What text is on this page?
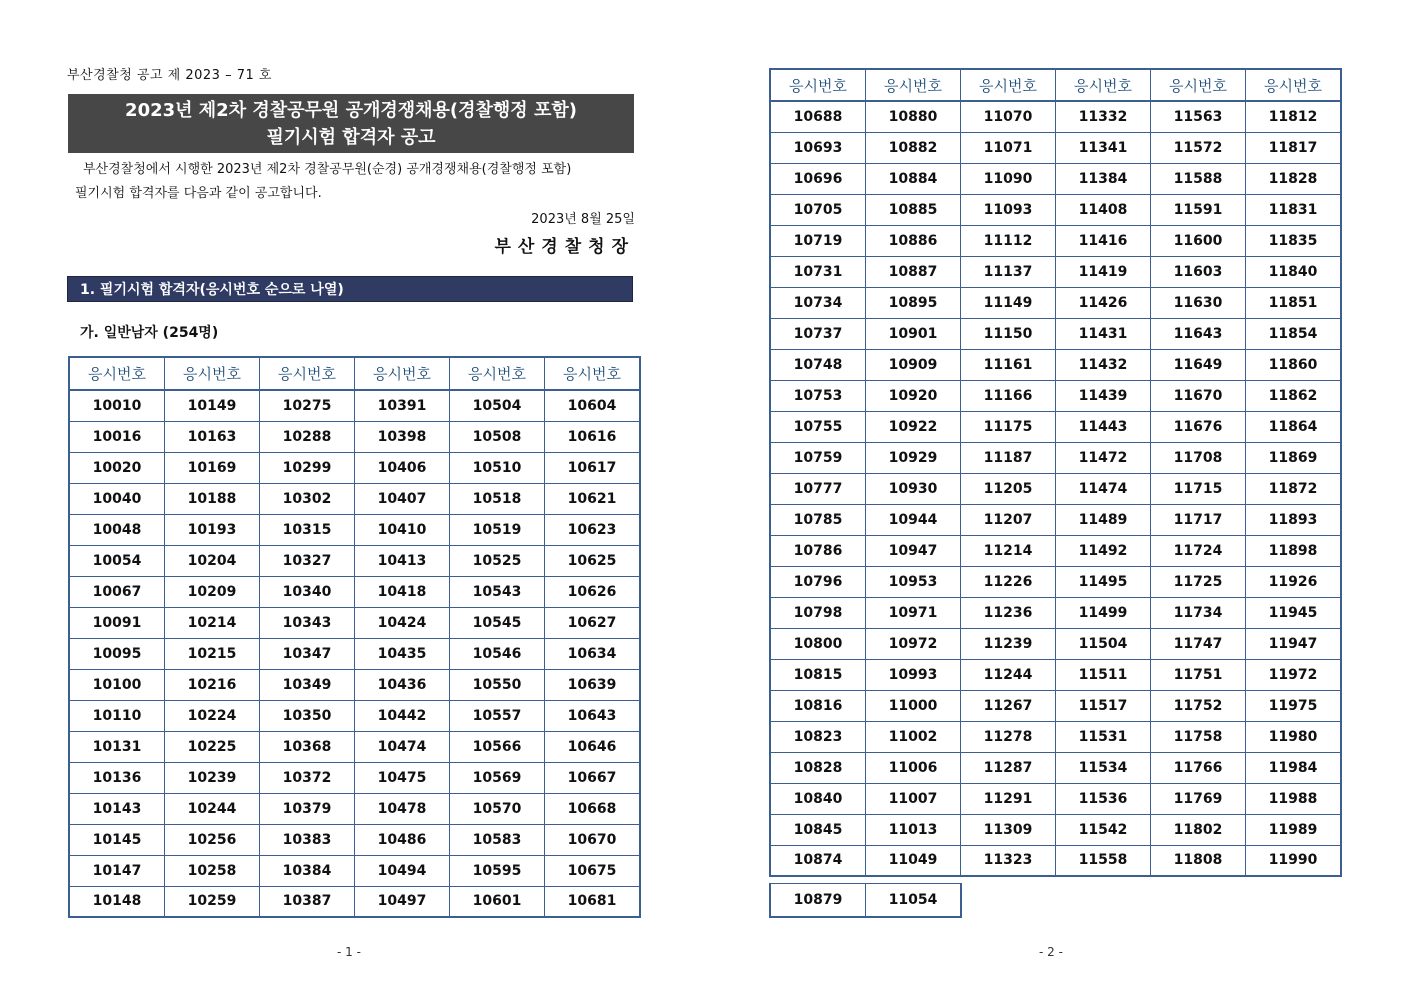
부산경찰청 공고 제 2023 – 71 호
2023년 제2차 경찰공무원 공개경쟁채용(경찰행정 포함)
필기시험 합격자 공고
부산경찰청에서 시행한 2023년 제2차 경찰공무원(순경) 공개경쟁채용(경찰행정 포함)
필기시험 합격자를 다음과 같이 공고합니다.
2023년 8월 25일
부산경찰청장
1. 필기시험 합격자(응시번호 순으로 나열)
가. 일반남자 (254명)
응시번호	응시번호	응시번호	응시번호	응시번호	응시번호
10010	10149	10275	10391	10504	10604
10016	10163	10288	10398	10508	10616
10020	10169	10299	10406	10510	10617
10040	10188	10302	10407	10518	10621
10048	10193	10315	10410	10519	10623
10054	10204	10327	10413	10525	10625
10067	10209	10340	10418	10543	10626
10091	10214	10343	10424	10545	10627
10095	10215	10347	10435	10546	10634
10100	10216	10349	10436	10550	10639
10110	10224	10350	10442	10557	10643
10131	10225	10368	10474	10566	10646
10136	10239	10372	10475	10569	10667
10143	10244	10379	10478	10570	10668
10145	10256	10383	10486	10583	10670
10147	10258	10384	10494	10595	10675
10148	10259	10387	10497	10601	10681
응시번호	응시번호	응시번호	응시번호	응시번호	응시번호
10688	10880	11070	11332	11563	11812
10693	10882	11071	11341	11572	11817
10696	10884	11090	11384	11588	11828
10705	10885	11093	11408	11591	11831
10719	10886	11112	11416	11600	11835
10731	10887	11137	11419	11603	11840
10734	10895	11149	11426	11630	11851
10737	10901	11150	11431	11643	11854
10748	10909	11161	11432	11649	11860
10753	10920	11166	11439	11670	11862
10755	10922	11175	11443	11676	11864
10759	10929	11187	11472	11708	11869
10777	10930	11205	11474	11715	11872
10785	10944	11207	11489	11717	11893
10786	10947	11214	11492	11724	11898
10796	10953	11226	11495	11725	11926
10798	10971	11236	11499	11734	11945
10800	10972	11239	11504	11747	11947
10815	10993	11244	11511	11751	11972
10816	11000	11267	11517	11752	11975
10823	11002	11278	11531	11758	11980
10828	11006	11287	11534	11766	11984
10840	11007	11291	11536	11769	11988
10845	11013	11309	11542	11802	11989
10874	11049	11323	11558	11808	11990
10879	11054
- 1 -	- 2 -
